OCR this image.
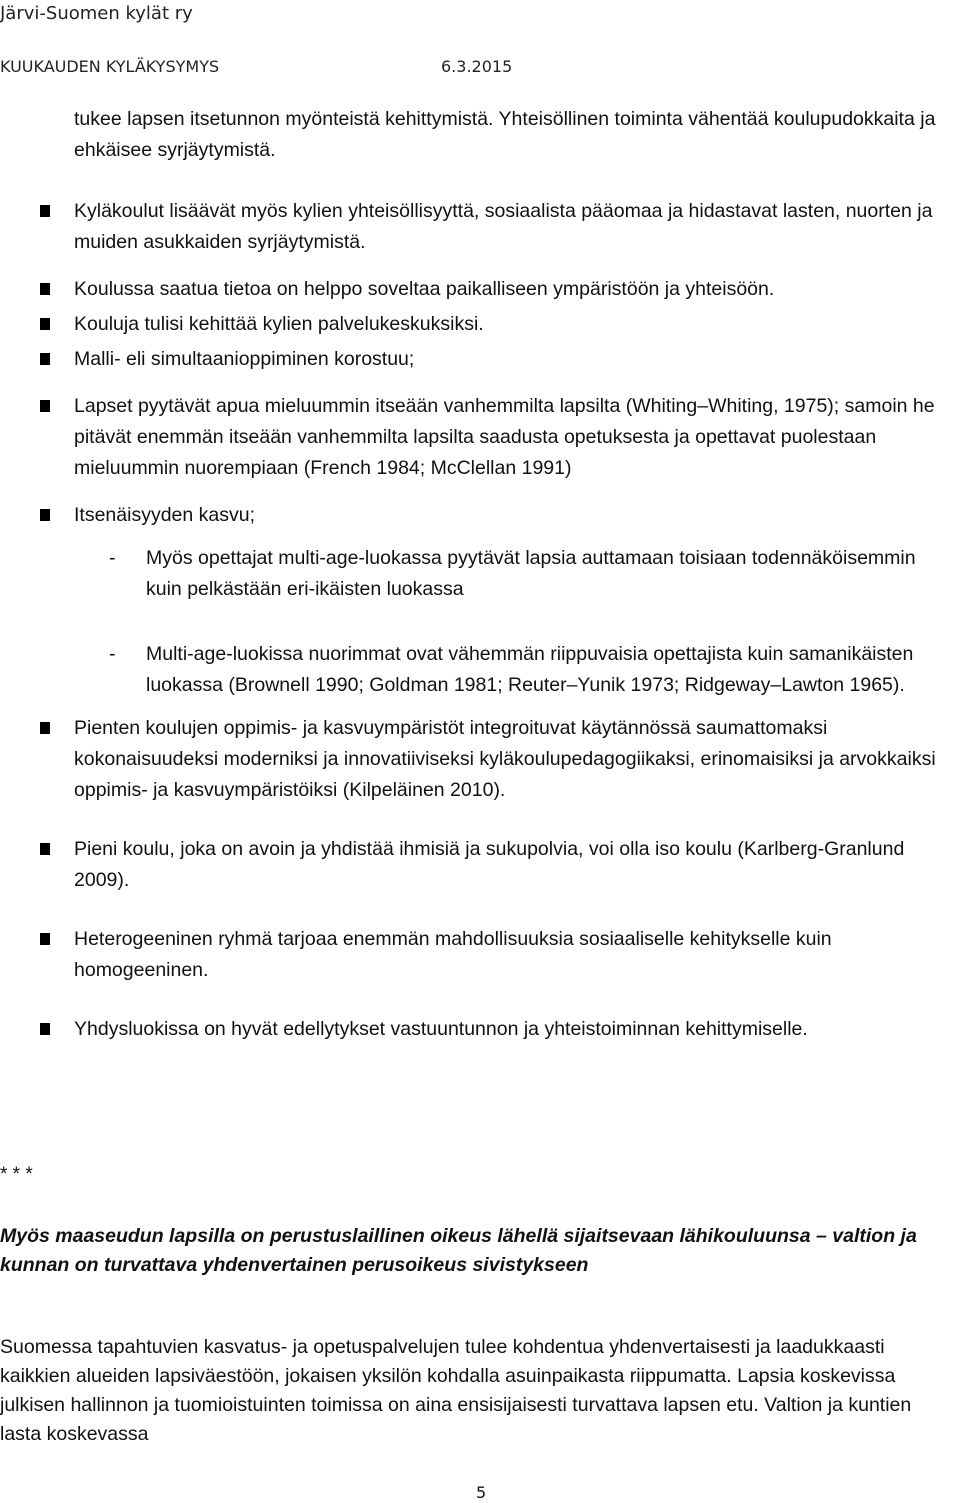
Järvi-Suomen kylät ry
KUUKAUDEN KYLÄKYSYMYS	6.3.2015

tukee lapsen itsetunnon myönteistä kehittymistä. Yhteisöllinen toiminta vähentää koulupudokkaita ja ehkäisee syrjäytymistä.

Kyläkoulut lisäävät myös kylien yhteisöllisyyttä, sosiaalista pääomaa ja hidastavat lasten, nuorten ja muiden asukkaiden syrjäytymistä.
Koulussa saatua tietoa on helppo soveltaa paikalliseen ympäristöön ja yhteisöön.
Kouluja tulisi kehittää kylien palvelukeskuksiksi.
Malli- eli simultaanioppiminen korostuu;
Lapset pyytävät apua mieluummin itseään vanhemmilta lapsilta (Whiting–Whiting, 1975); samoin he pitävät enemmän itseään vanhemmilta lapsilta saadusta opetuksesta ja opettavat puolestaan mieluummin nuorempiaan (French 1984; McClellan 1991)
Itsenäisyyden kasvu;
- Myös opettajat multi-age-luokassa pyytävät lapsia auttamaan toisiaan todennäköisemmin kuin pelkästään eri-ikäisten luokassa
- Multi-age-luokissa nuorimmat ovat vähemmän riippuvaisia opettajista kuin samanikäisten luokassa (Brownell 1990; Goldman 1981; Reuter–Yunik 1973; Ridgeway–Lawton 1965).
Pienten koulujen oppimis- ja kasvuympäristöt integroituvat käytännössä saumattomaksi kokonaisuudeksi moderniksi ja innovatiiviseksi kyläkoulupedagogiikaksi, erinomaisiksi ja arvokkaiksi oppimis- ja kasvuympäristöiksi (Kilpeläinen 2010).
Pieni koulu, joka on avoin ja yhdistää ihmisiä ja sukupolvia, voi olla iso koulu (Karlberg-Granlund 2009).
Heterogeeninen ryhmä tarjoaa enemmän mahdollisuuksia sosiaaliselle kehitykselle kuin homogeeninen.
Yhdysluokissa on hyvät edellytykset vastuuntunnon ja yhteistoiminnan kehittymiselle.
* * *
Myös maaseudun lapsilla on perustuslaillinen oikeus lähellä sijaitsevaan lähikouluunsa – valtion ja kunnan on turvattava yhdenvertainen perusoikeus sivistykseen
Suomessa tapahtuvien kasvatus- ja opetuspalvelujen tulee kohdentua yhdenvertaisesti ja laadukkaasti kaikkien alueiden lapsiväestöön, jokaisen yksilön kohdalla asuinpaikasta riippumatta. Lapsia koskevissa julkisen hallinnon ja tuomioistuinten toimissa on aina ensisijaisesti turvattava lapsen etu. Valtion ja kuntien lasta koskevassa
5
